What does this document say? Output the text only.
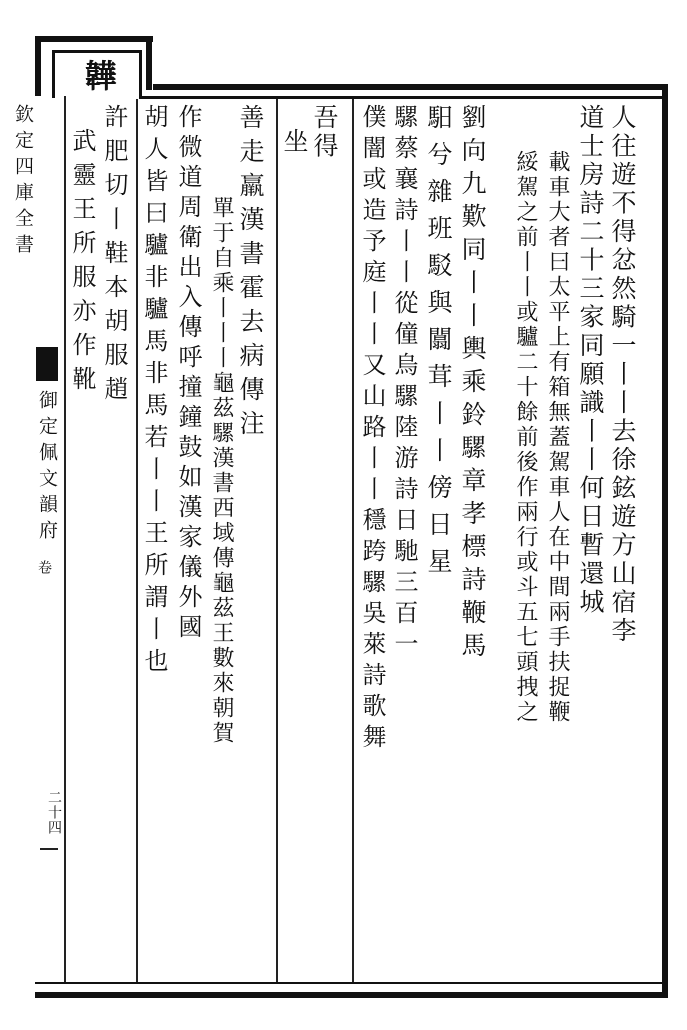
韡
欽定四庫全書
御定佩文韻府
卷
二十四
人往遊不得忿然騎一丨丨去徐鉉遊方山宿李
道士房詩二十三家同願識丨丨何日暫還城
載車大者曰太平上有箱無蓋駕車人在中間兩手扶捉鞭
綏駕之前丨丨或驢二十餘前後作兩行或斗五七頭拽之
劉向九歎同丨丨輿乘鈴騾章孝標詩鞭馬
馹兮雜班駁與闒茸丨丨傍日星
騾蔡襄詩丨丨從僮烏騾陸游詩日馳三百一
僕闇或造予庭丨丨又山路丨丨穩跨騾吳萊詩歌舞
吾得
坐
善走羸漢書霍去病傳注
單于自乘丨丨丨龜茲騾漢書西域傳龜茲王數來朝賀
作微道周衛出入傳呼撞鐘鼓如漢家儀外國
胡人皆曰驢非驢馬非馬若丨丨王所謂丨也
許肥切丨鞋本胡服趙
武靈王所服亦作靴
